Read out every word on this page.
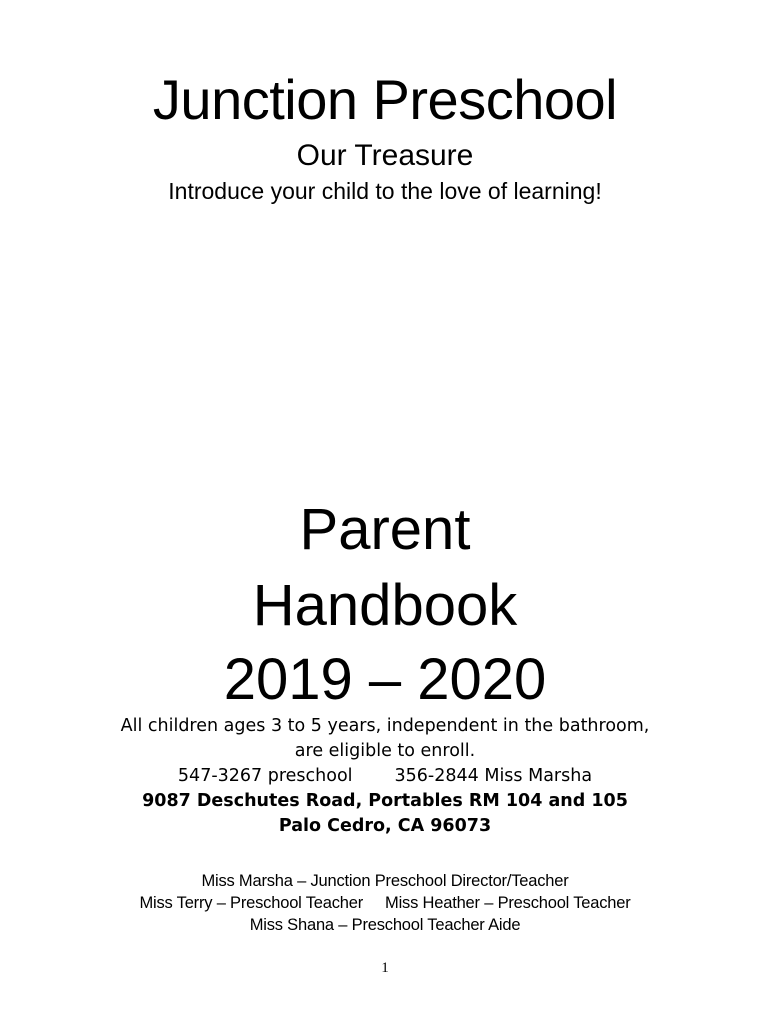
Junction Preschool
Our Treasure
Introduce your child to the love of learning!
Parent
Handbook
2019 – 2020
All children ages 3 to 5 years, independent in the bathroom,
are eligible to enroll.
547-3267 preschool 356-2844 Miss Marsha
9087 Deschutes Road, Portables RM 104 and 105
Palo Cedro, CA 96073
Miss Marsha – Junction Preschool Director/Teacher
Miss Terry – Preschool Teacher Miss Heather – Preschool Teacher
Miss Shana – Preschool Teacher Aide
1
